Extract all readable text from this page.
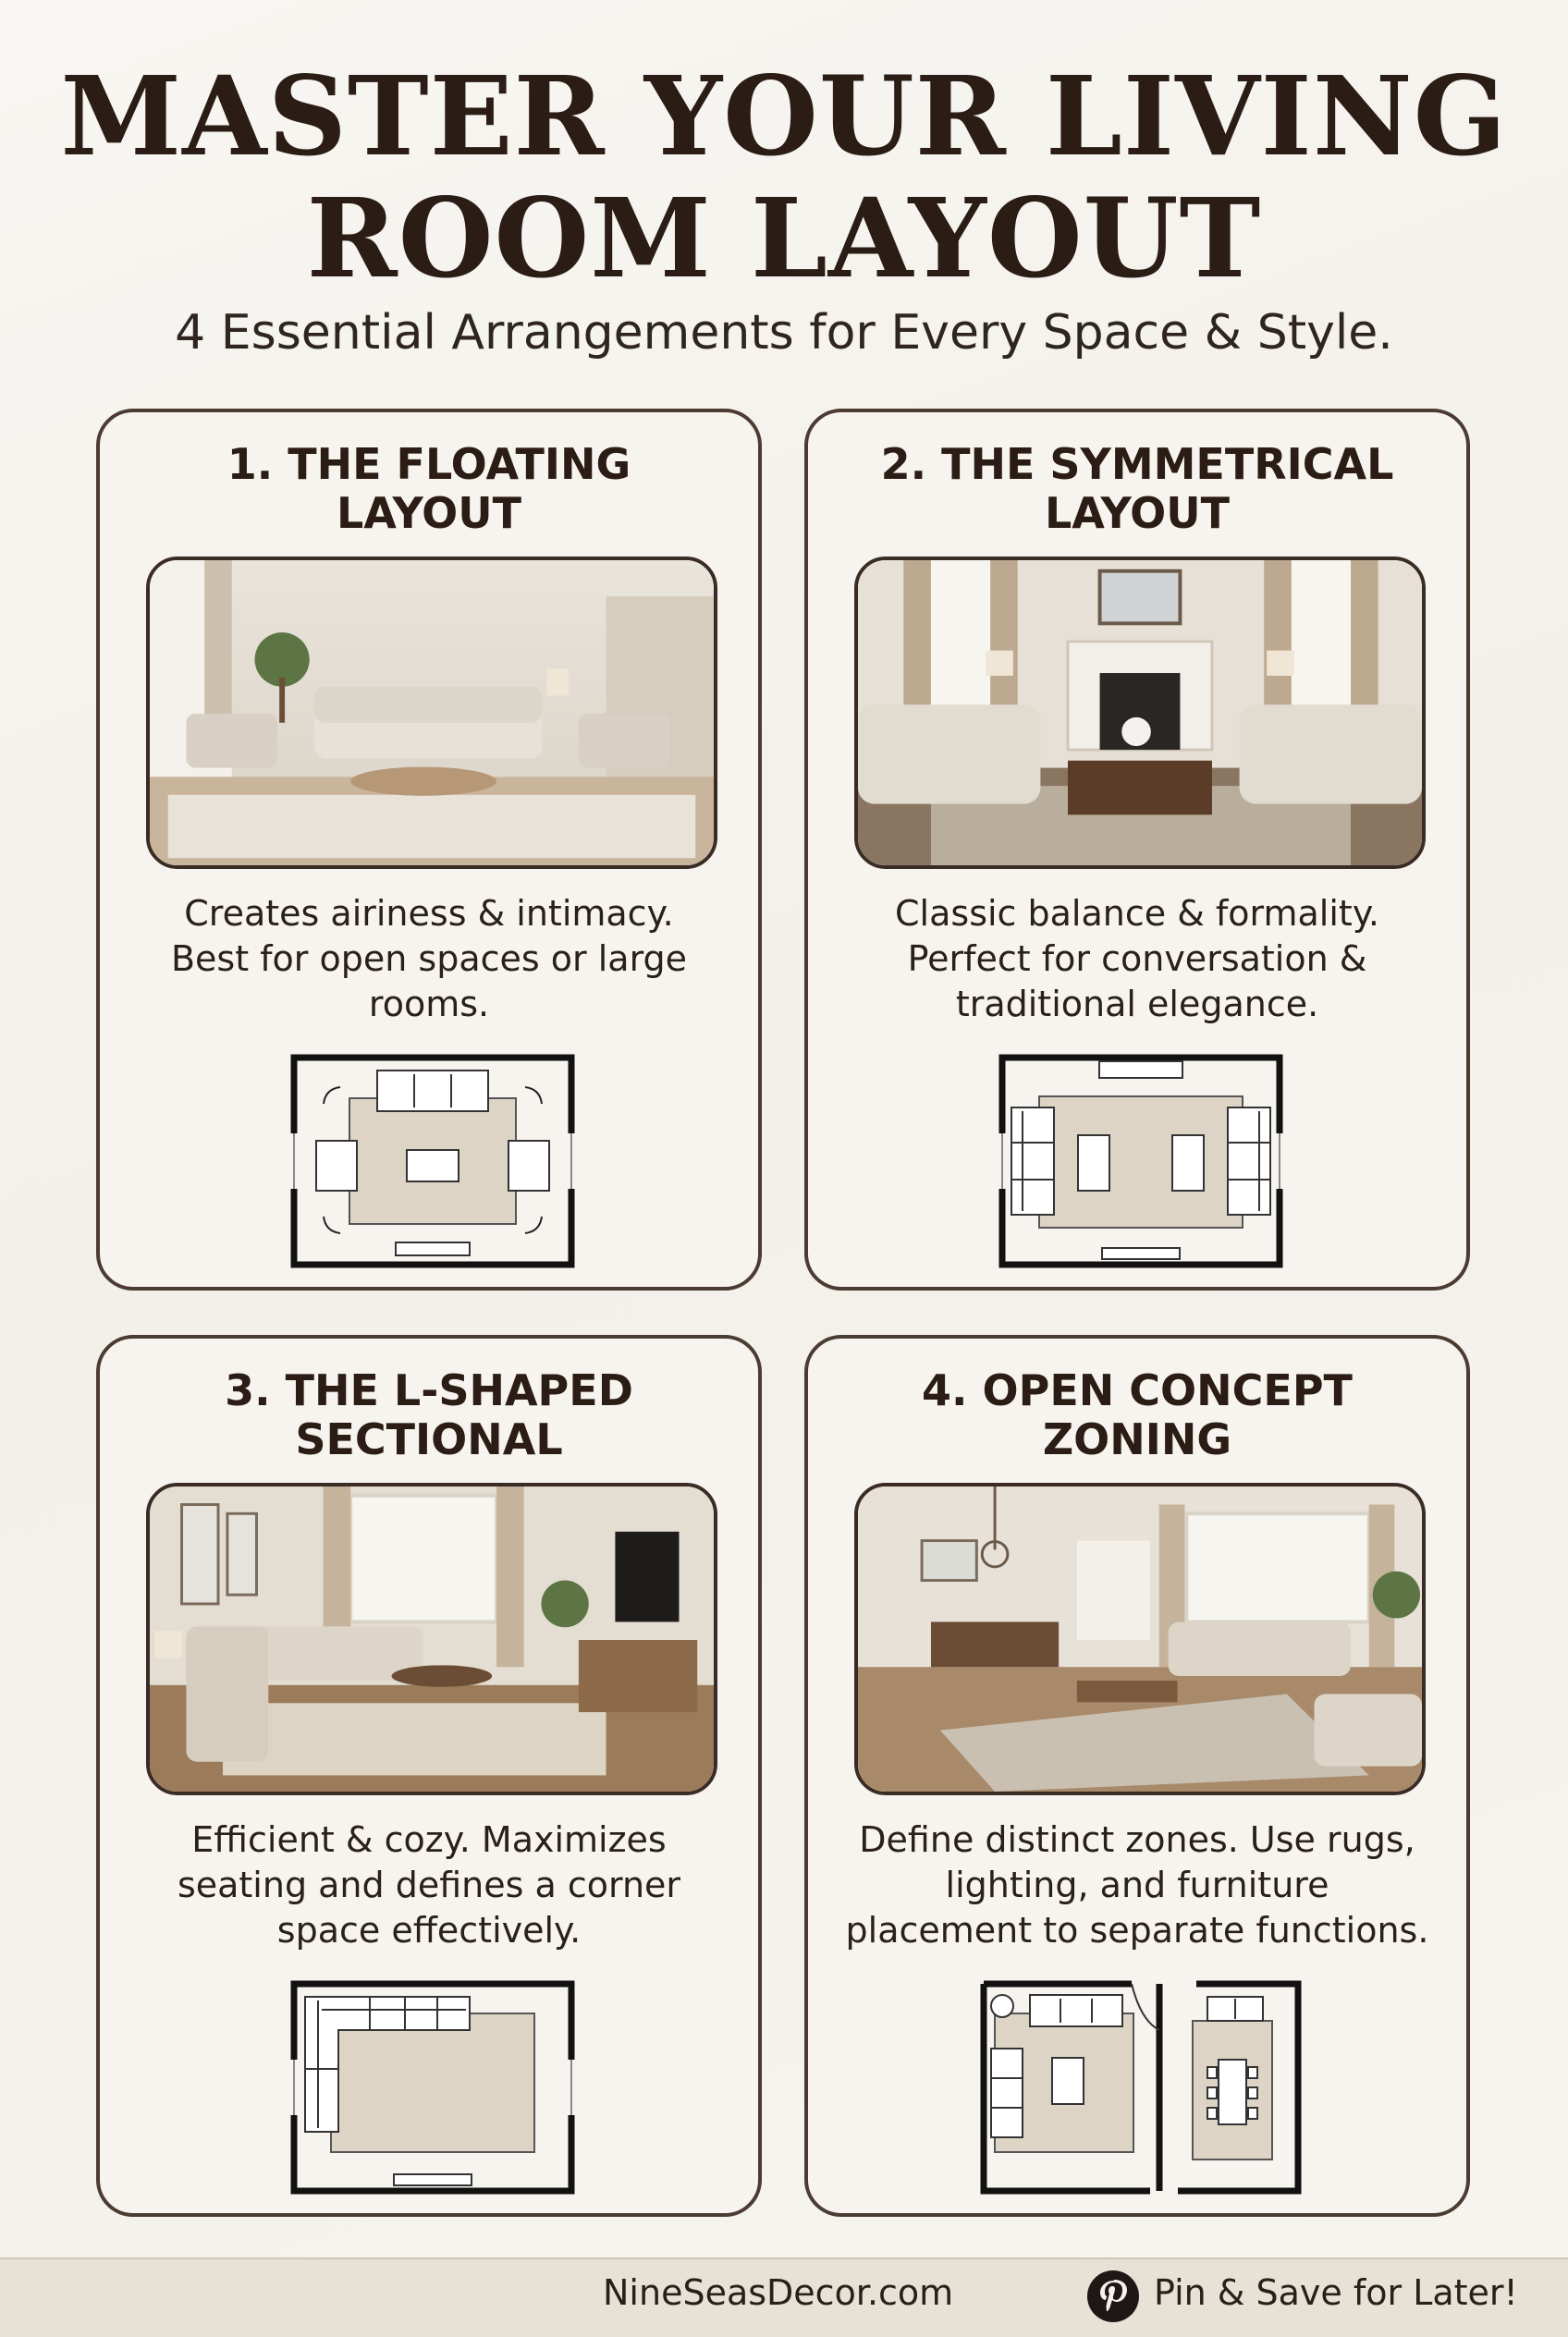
MASTER YOUR LIVING
ROOM LAYOUT
4 Essential Arrangements for Every Space & Style.
1. THE FLOATING
LAYOUT
Creates airiness & intimacy.
Best for open spaces or large
rooms.
2. THE SYMMETRICAL
LAYOUT
Classic balance & formality.
Perfect for conversation &
traditional elegance.
3. THE L-SHAPED
SECTIONAL
Efficient & cozy. Maximizes
seating and defines a corner
space effectively.
4. OPEN CONCEPT
ZONING
Define distinct zones. Use rugs,
lighting, and furniture
placement to separate functions.
NineSeasDecor.com	Pin & Save for Later!
